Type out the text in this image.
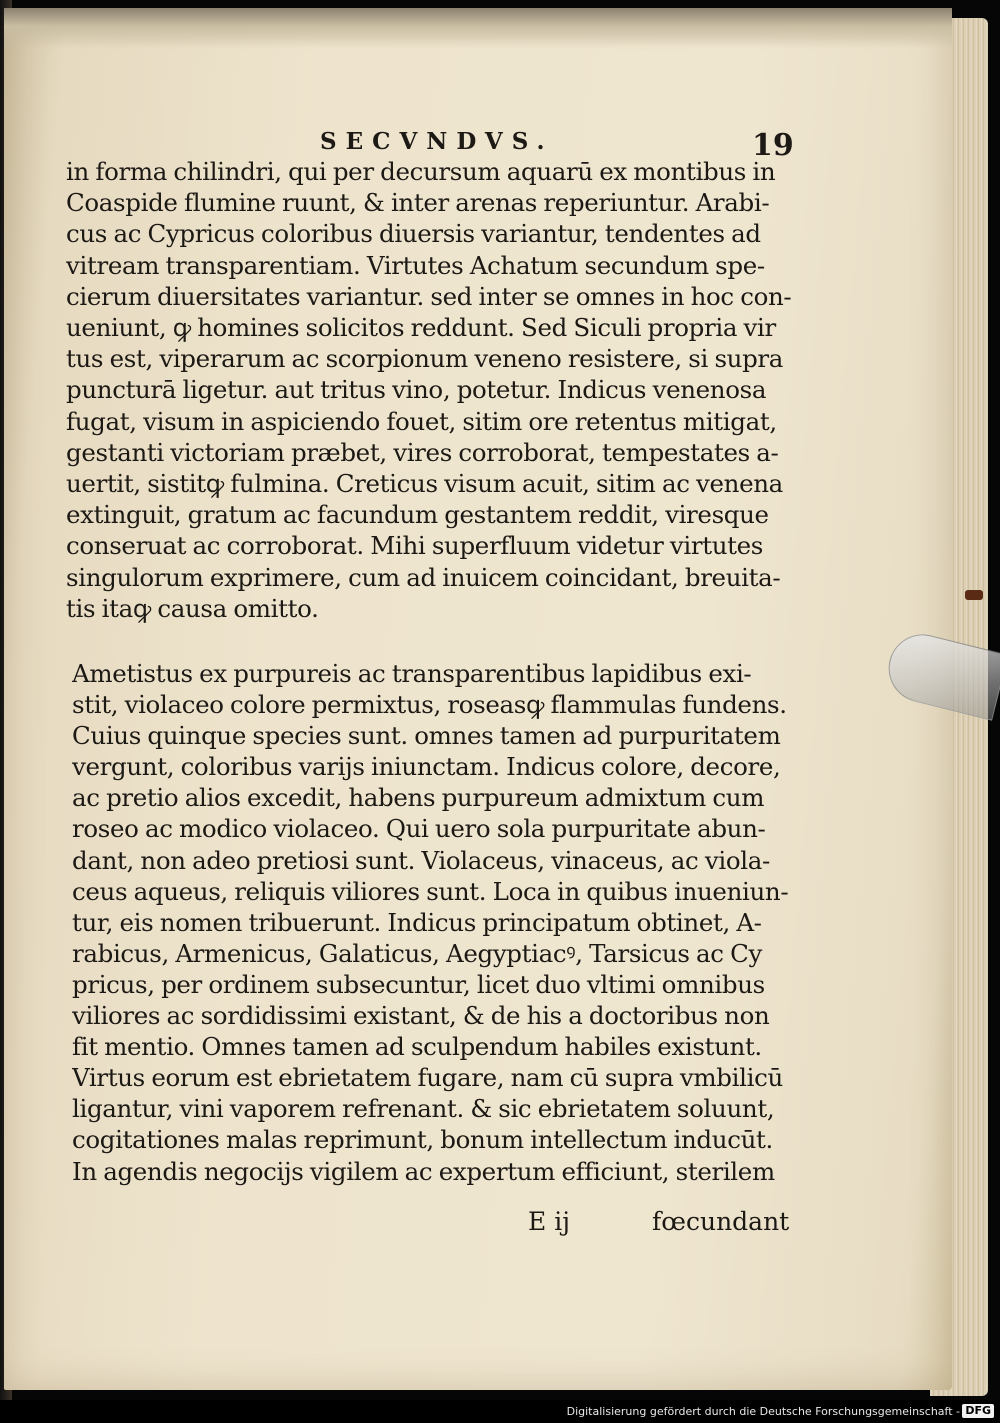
SECVNDVS.	19
in forma chilindri, qui per decursum aquarū ex montibus in
Coaspide flumine ruunt, & inter arenas reperiuntur. Arabi-
cus ac Cypricus coloribus diuersis variantur, tendentes ad
vitream transparentiam. Virtutes Achatum secundum spe-
cierum diuersitates variantur. sed inter se omnes in hoc con-
ueniunt, ꝙ homines solicitos reddunt. Sed Siculi propria vir
tus est, viperarum ac scorpionum veneno resistere, si supra
puncturā ligetur. aut tritus vino, potetur. Indicus venenosa
fugat, visum in aspiciendo fouet, sitim ore retentus mitigat,
gestanti victoriam præbet, vires corroborat, tempestates a-
uertit, sistitꝙ fulmina. Creticus visum acuit, sitim ac venena
extinguit, gratum ac facundum gestantem reddit, viresque
conseruat ac corroborat. Mihi superfluum videtur virtutes
singulorum exprimere, cum ad inuicem coincidant, breuita-
tis itaꝙ causa omitto.
Ametistus ex purpureis ac transparentibus lapidibus exi-
stit, violaceo colore permixtus, roseasꝙ flammulas fundens.
Cuius quinque species sunt. omnes tamen ad purpuritatem
vergunt, coloribus varijs iniunctam. Indicus colore, decore,
ac pretio alios excedit, habens purpureum admixtum cum
roseo ac modico violaceo. Qui uero sola purpuritate abun-
dant, non adeo pretiosi sunt. Violaceus, vinaceus, ac viola-
ceus aqueus, reliquis viliores sunt. Loca in quibus inueniun-
tur, eis nomen tribuerunt. Indicus principatum obtinet, A-
rabicus, Armenicus, Galaticus, Aegyptiacꝰ, Tarsicus ac Cy
pricus, per ordinem subsecuntur, licet duo vltimi omnibus
viliores ac sordidissimi existant, & de his a doctoribus non
fit mentio. Omnes tamen ad sculpendum habiles existunt.
Virtus eorum est ebrietatem fugare, nam cū supra vmbilicū
ligantur, vini vaporem refrenant. & sic ebrietatem soluunt,
cogitationes malas reprimunt, bonum intellectum inducūt.
In agendis negocijs vigilem ac expertum efficiunt, sterilem
E ij	fœcundant
Digitalisierung gefördert durch die Deutsche Forschungsgemeinschaft - DFG
